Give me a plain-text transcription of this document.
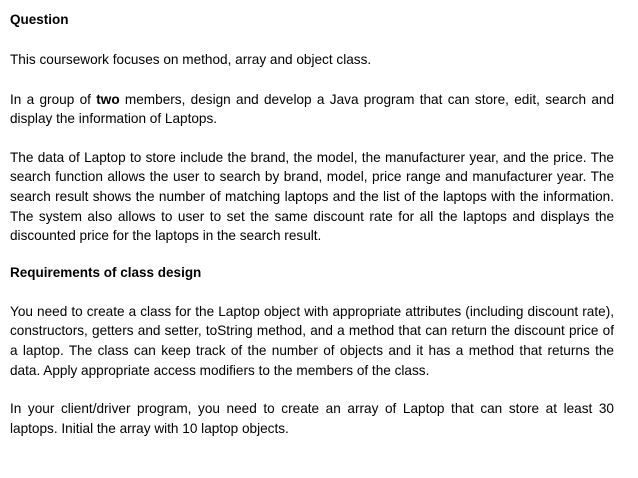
Question

This coursework focuses on method, array and object class.

In a group of two members, design and develop a Java program that can store, edit, search and display the information of Laptops.

The data of Laptop to store include the brand, the model, the manufacturer year, and the price. The search function allows the user to search by brand, model, price range and manufacturer year. The search result shows the number of matching laptops and the list of the laptops with the information. The system also allows to user to set the same discount rate for all the laptops and displays the discounted price for the laptops in the search result.

Requirements of class design

You need to create a class for the Laptop object with appropriate attributes (including discount rate), constructors, getters and setter, toString method, and a method that can return the discount price of a laptop. The class can keep track of the number of objects and it has a method that returns the data. Apply appropriate access modifiers to the members of the class.

In your client/driver program, you need to create an array of Laptop that can store at least 30 laptops. Initial the array with 10 laptop objects.
